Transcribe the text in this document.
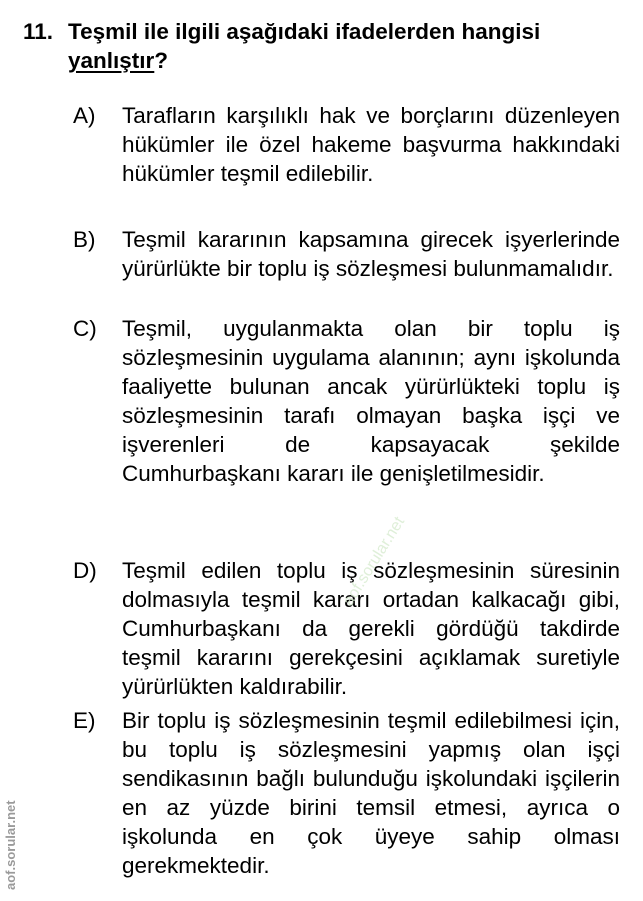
11. Teşmil ile ilgili aşağıdaki ifadelerden hangisi yanlıştır?
A) Tarafların karşılıklı hak ve borçlarını düzenleyen hükümler ile özel hakeme başvurma hakkındaki hükümler teşmil edilebilir.
B) Teşmil kararının kapsamına girecek işyerlerinde yürürlükte bir toplu iş sözleşmesi bulunmamalıdır.
C) Teşmil, uygulanmakta olan bir toplu iş sözleşmesinin uygulama alanının; aynı işkolunda faaliyette bulunan ancak yürürlükteki toplu iş sözleşmesinin tarafı olmayan başka işçi ve işverenleri de kapsayacak şekilde Cumhurbaşkanı kararı ile genişletilmesidir.
D) Teşmil edilen toplu iş sözleşmesinin süresinin dolmasıyla teşmil kararı ortadan kalkacağı gibi, Cumhurbaşkanı da gerekli gördüğü takdirde teşmil kararını gerekçesini açıklamak suretiyle yürürlükten kaldırabilir.
E) Bir toplu iş sözleşmesinin teşmil edilebilmesi için, bu toplu iş sözleşmesini yapmış olan işçi sendikasının bağlı bulunduğu işkolundaki işçilerin en az yüzde birini temsil etmesi, ayrıca o işkolunda en çok üyeye sahip olması gerekmektedir.
aof.sorular.net
aof.sorular.net
